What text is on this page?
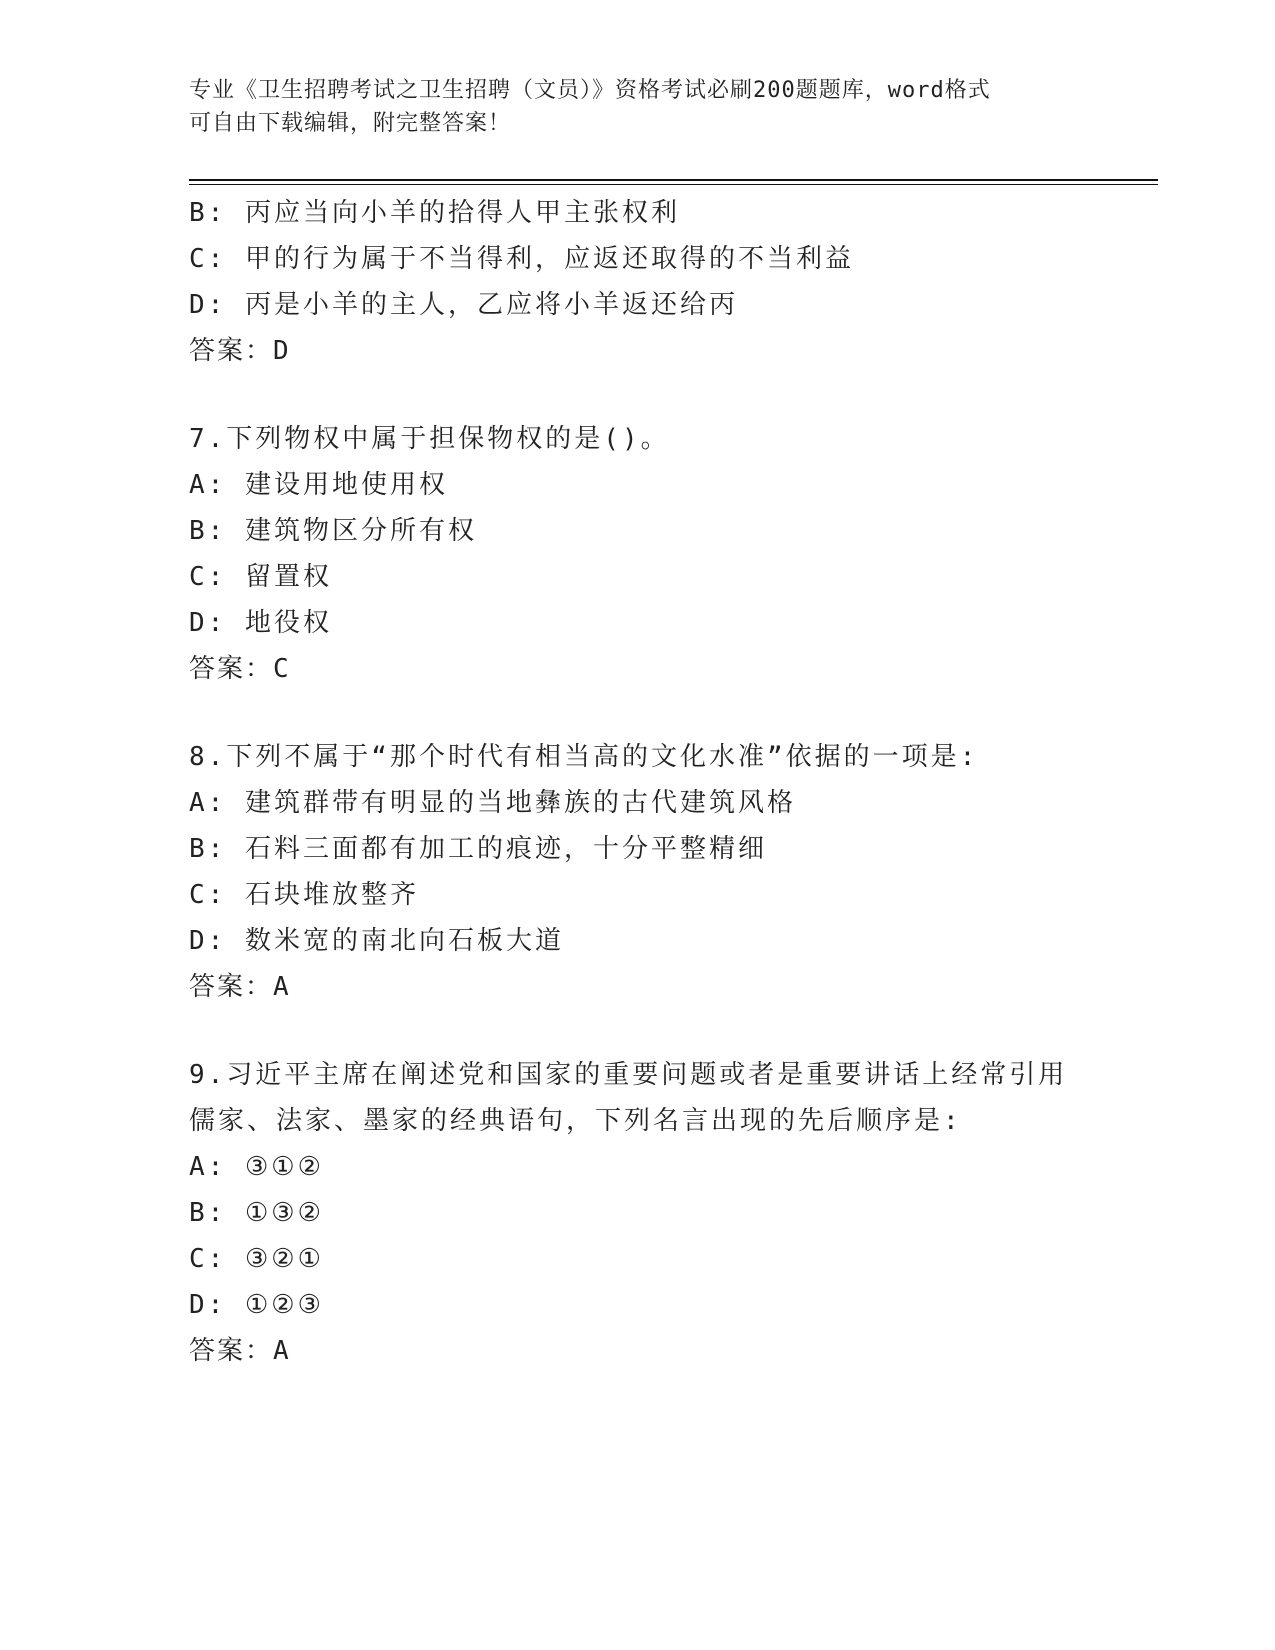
专业《卫生招聘考试之卫生招聘（文员）》资格考试必刷200题题库，word格式
可自由下载编辑，附完整答案！
B: 丙应当向小羊的拾得人甲主张权利
C: 甲的行为属于不当得利，应返还取得的不当利益
D: 丙是小羊的主人，乙应将小羊返还给丙
答案：D
7.下列物权中属于担保物权的是()。
A: 建设用地使用权
B: 建筑物区分所有权
C: 留置权
D: 地役权
答案：C
8.下列不属于“那个时代有相当高的文化水准”依据的一项是:
A: 建筑群带有明显的当地彝族的古代建筑风格
B: 石料三面都有加工的痕迹，十分平整精细
C: 石块堆放整齐
D: 数米宽的南北向石板大道
答案：A
9.习近平主席在阐述党和国家的重要问题或者是重要讲话上经常引用
儒家、法家、墨家的经典语句，下列名言出现的先后顺序是:
A: ③①②
B: ①③②
C: ③②①
D: ①②③
答案：A
